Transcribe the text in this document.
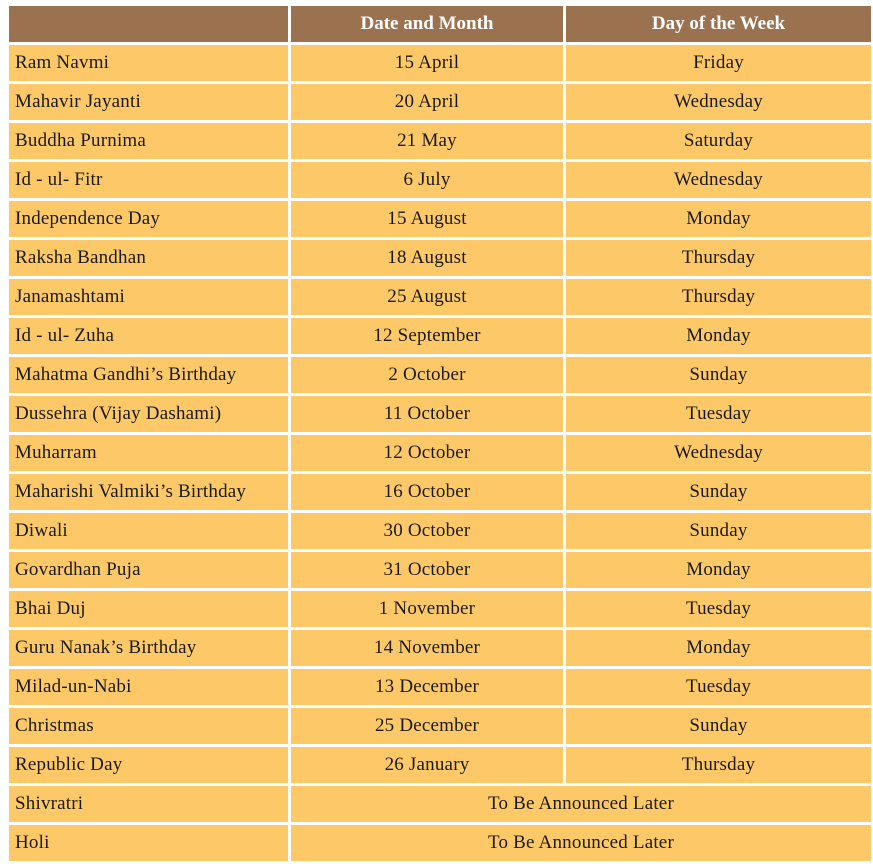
	Date and Month	Day of the Week
Ram Navmi	15 April	Friday
Mahavir Jayanti	20 April	Wednesday
Buddha Purnima	21 May	Saturday
Id - ul- Fitr	6 July	Wednesday
Independence Day	15 August	Monday
Raksha Bandhan	18 August	Thursday
Janamashtami	25 August	Thursday
Id - ul- Zuha	12 September	Monday
Mahatma Gandhi’s Birthday	2 October	Sunday
Dussehra (Vijay Dashami)	11 October	Tuesday
Muharram	12 October	Wednesday
Maharishi Valmiki’s Birthday	16 October	Sunday
Diwali	30 October	Sunday
Govardhan Puja	31 October	Monday
Bhai Duj	1 November	Tuesday
Guru Nanak’s Birthday	14 November	Monday
Milad-un-Nabi	13 December	Tuesday
Christmas	25 December	Sunday
Republic Day	26 January	Thursday
Shivratri	To Be Announced Later	
Holi	To Be Announced Later	
